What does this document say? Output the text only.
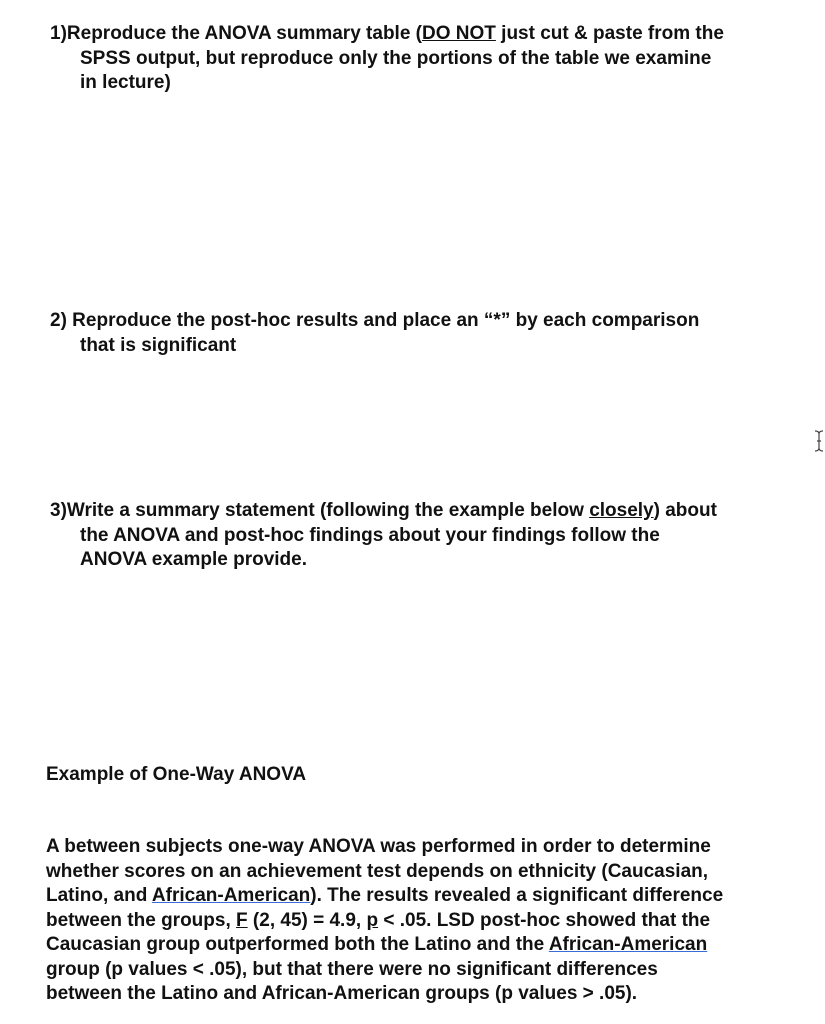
1)Reproduce the ANOVA summary table (DO NOT just cut & paste from the
SPSS output, but reproduce only the portions of the table we examine
in lecture)
2) Reproduce the post-hoc results and place an “*” by each comparison
that is significant
3)Write a summary statement (following the example below closely) about
the ANOVA and post-hoc findings about your findings follow the
ANOVA example provide.
Example of One-Way ANOVA
A between subjects one-way ANOVA was performed in order to determine
whether scores on an achievement test depends on ethnicity (Caucasian,
Latino, and African-American). The results revealed a significant difference
between the groups, F (2, 45) = 4.9, p < .05. LSD post-hoc showed that the
Caucasian group outperformed both the Latino and the African-American
group (p values < .05), but that there were no significant differences
between the Latino and African-American groups (p values > .05).
